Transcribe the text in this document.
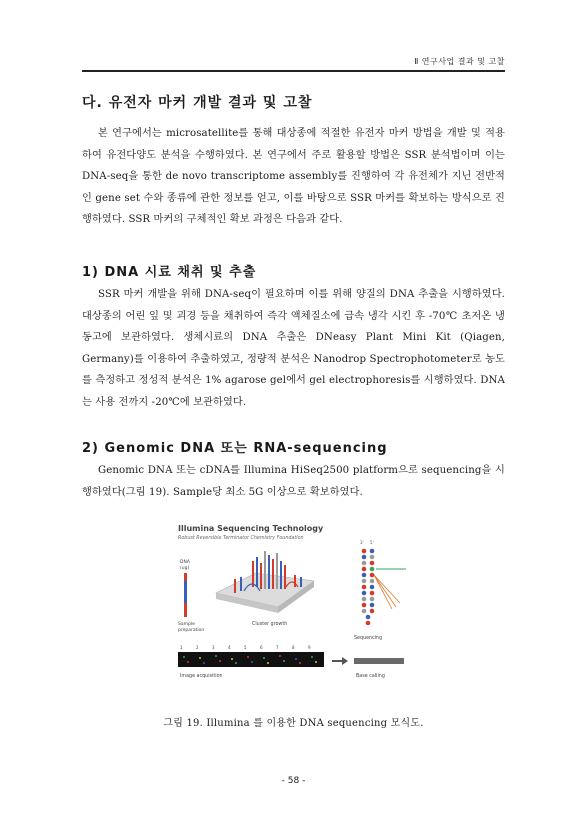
Ⅱ 연구사업 결과 및 고찰
다. 유전자 마커 개발 결과 및 고찰

본 연구에서는 microsatellite를 통해 대상종에 적절한 유전자 마커 방법을 개발 및 적용하여 유전다양도 분석을 수행하였다. 본 연구에서 주로 활용할 방법은 SSR 분석법이며 이는 DNA-seq을 통한 de novo transcriptome assembly를 진행하여 각 유전체가 지닌 전반적인 gene set 수와 종류에 관한 정보를 얻고, 이를 바탕으로 SSR 마커를 확보하는 방식으로 진행하였다. SSR 마커의 구체적인 확보 과정은 다음과 같다.

1) DNA 시료 채취 및 추출

SSR 마커 개발을 위해 DNA-seq이 필요하며 이를 위해 양질의 DNA 추출을 시행하였다. 대상종의 어린 잎 및 괴경 등을 채취하여 즉각 액체질소에 급속 냉각 시킨 후 -70℃ 초저온 냉동고에 보관하였다. 생체시료의 DNA 추출은 DNeasy Plant Mini Kit (Qiagen, Germany)를 이용하여 추출하였고, 정량적 분석은 Nanodrop Spectrophotometer로 농도를 측정하고 정성적 분석은 1% agarose gel에서 gel electrophoresis를 시행하였다. DNA는 사용 전까지 -20℃에 보관하였다.

2) Genomic DNA 또는 RNA-sequencing

Genomic DNA 또는 cDNA를 Illumina HiSeq2500 platform으로 sequencing을 시행하였다(그림 19). Sample당 최소 5G 이상으로 확보하였다.

Illumina Sequencing Technology
Robust Reversible Terminator Chemistry Foundation
DNA
(ug)
Sample preparation
Cluster growth
3' 5'
Sequencing
1	2	3	4	5	6	7	8	9
Image acquisition	Base calling
그림 19. Illumina 를 이용한 DNA sequencing 모식도.
- 58 -
